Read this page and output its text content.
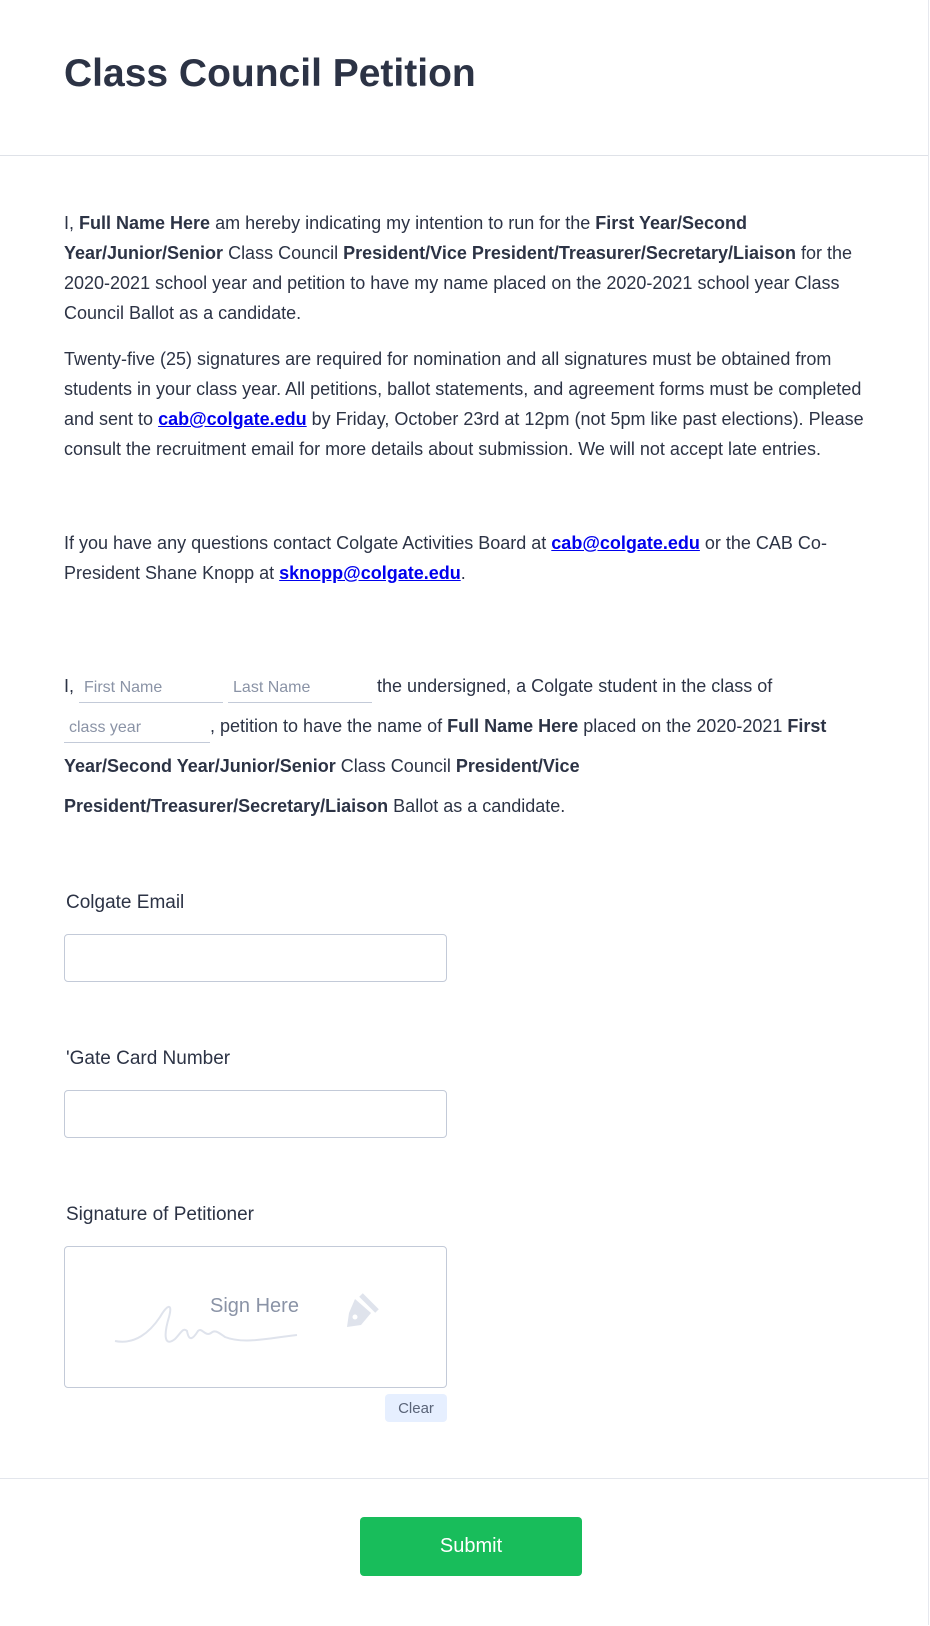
Class Council Petition

I, Full Name Here am hereby indicating my intention to run for the First Year/Second Year/Junior/Senior Class Council President/Vice President/Treasurer/Secretary/Liaison for the 2020-2021 school year and petition to have my name placed on the 2020-2021 school year Class Council Ballot as a candidate.

Twenty-five (25) signatures are required for nomination and all signatures must be obtained from students in your class year. All petitions, ballot statements, and agreement forms must be completed and sent to cab@colgate.edu by Friday, October 23rd at 12pm (not 5pm like past elections). Please consult the recruitment email for more details about submission. We will not accept late entries.

If you have any questions contact Colgate Activities Board at cab@colgate.edu or the CAB Co-President Shane Knopp at sknopp@colgate.edu.

I, First Name Last Name	the undersigned, a Colgate student in the class of class year, petition to have the name of Full Name Here placed on the 2020-2021 First Year/Second Year/Junior/Senior Class Council President/Vice President/Treasurer/Secretary/Liaison Ballot as a candidate.
Colgate Email
'Gate Card Number
Signature of Petitioner
Sign Here
Clear
Submit
